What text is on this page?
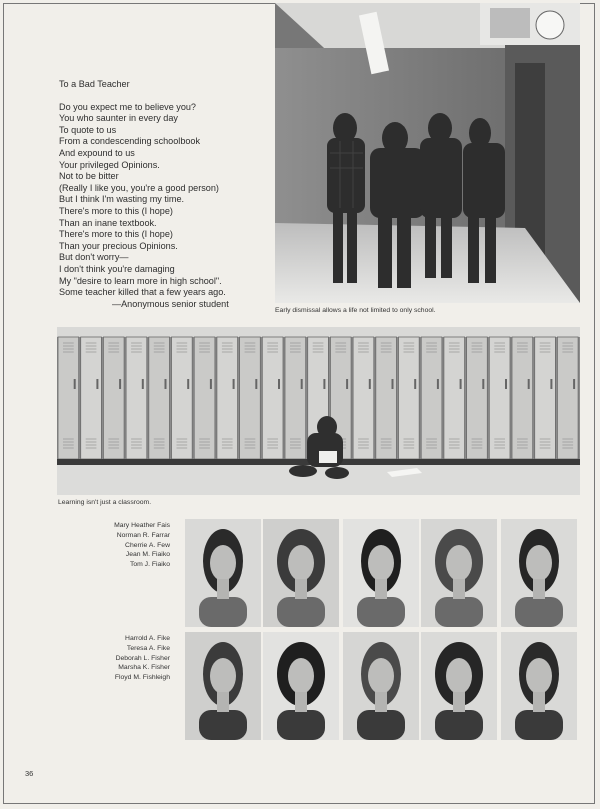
To a Bad Teacher
Do you expect me to believe you?
You who saunter in every day
To quote to us
From a condescending schoolbook
And expound to us
Your privileged Opinions.
Not to be bitter
(Really I like you, you're a good person)
But I think I'm wasting my time.
There's more to this (I hope)
Than an inane textbook.
There's more to this (I hope)
Than your precious Opinions.
But don't worry—
I don't think you're damaging
My "desire to learn more in high school".
Some teacher killed that a few years ago.
—Anonymous senior student
Early dismissal allows a life not limited to only school.
Learning isn't just a classroom.
Mary Heather Fais
Norman R. Farrar
Cherrie A. Few
Jean M. Fiaiko
Tom J. Fiaiko
Harrold A. Fike
Teresa A. Fike
Deborah L. Fisher
Marsha K. Fisher
Floyd M. Fishleigh
36
